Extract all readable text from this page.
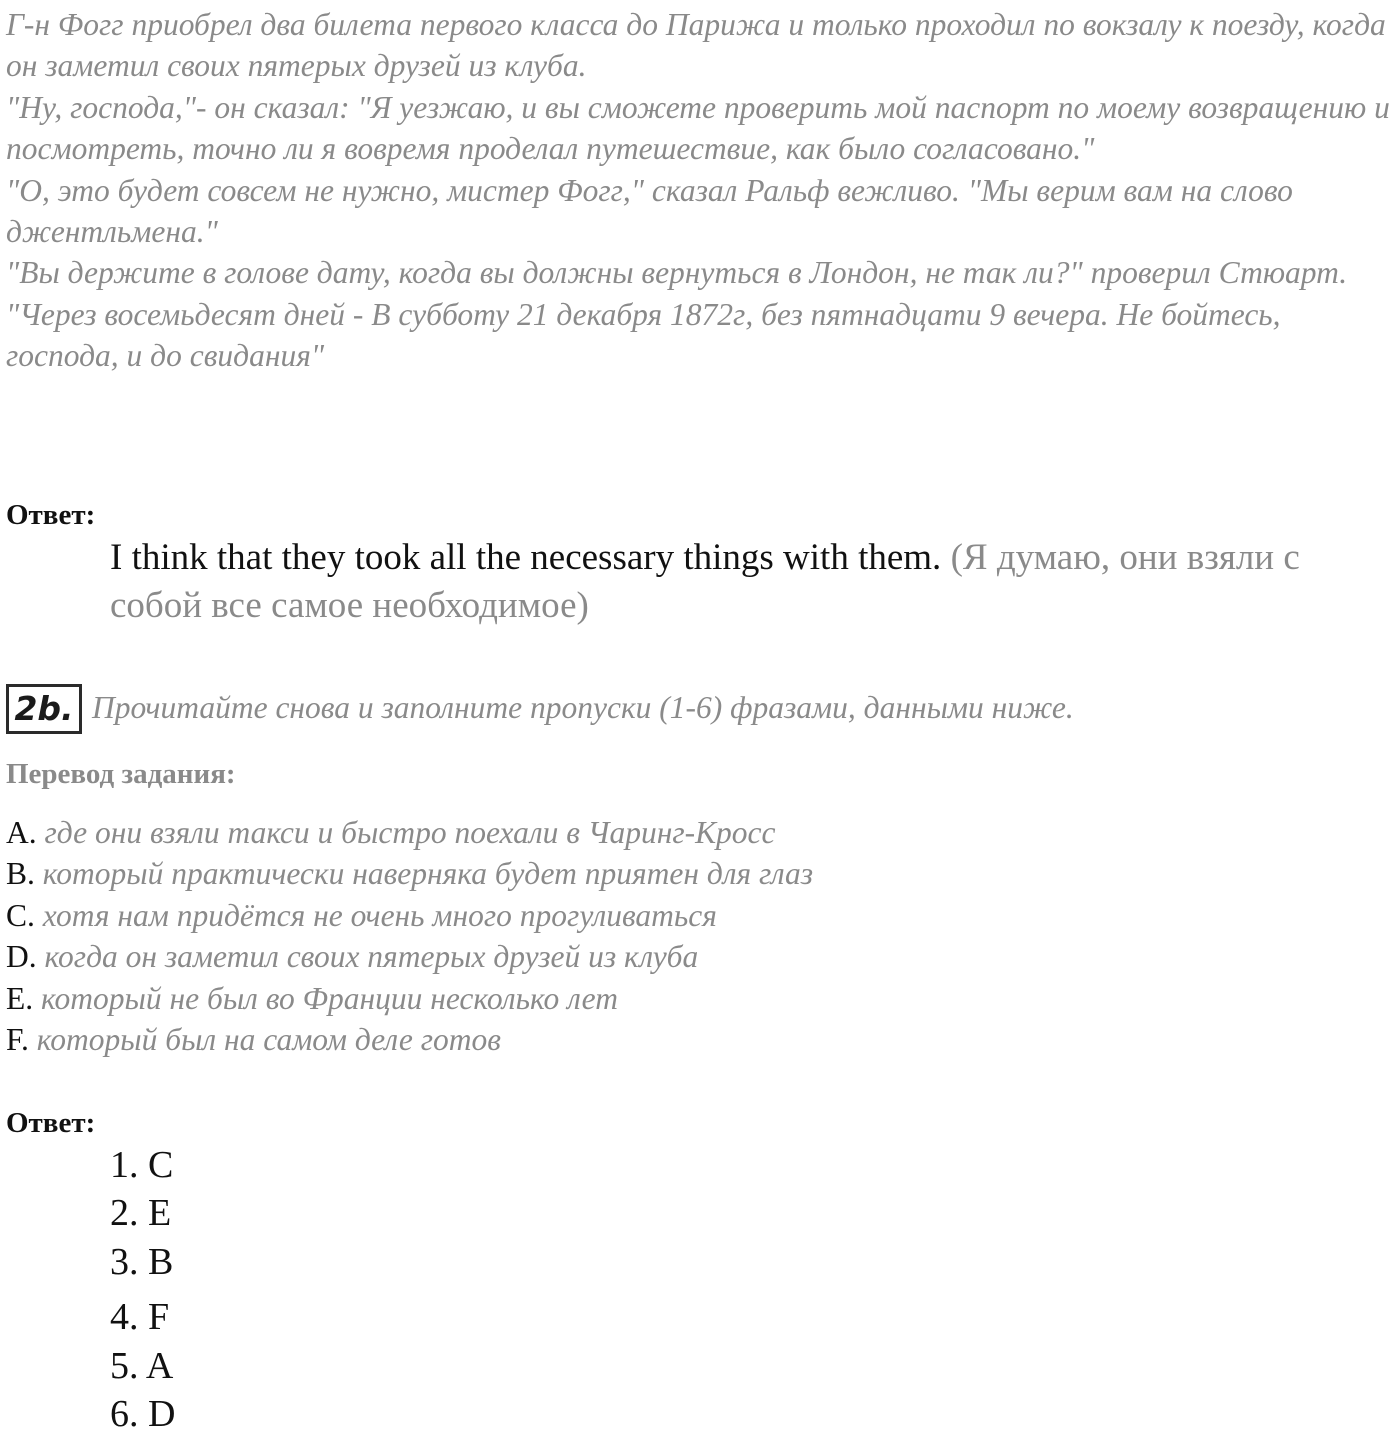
Г-н Фогг приобрел два билета первого класса до Парижа и только проходил по вокзалу к поезду, когда он заметил своих пятерых друзей из клуба.

"Ну, господа,"- он сказал: "Я уезжаю, и вы сможете проверить мой паспорт по моему возвращению и посмотреть, точно ли я вовремя проделал путешествие, как было согласовано."

"О, это будет совсем не нужно, мистер Фогг," сказал Ральф вежливо. "Мы верим вам на слово джентльмена."

"Вы держите в голове дату, когда вы должны вернуться в Лондон, не так ли?" проверил Стюарт.

"Через восемьдесят дней - В субботу 21 декабря 1872г, без пятнадцати 9 вечера. Не бойтесь, господа, и до свидания"

Ответ:
I think that they took all the necessary things with them. (Я думаю, они взяли с собой все самое необходимое)
2b. Прочитайте снова и заполните пропуски (1-6) фразами, данными ниже.
Перевод задания:
A. где они взяли такси и быстро поехали в Чаринг-Кросс
B. который практически наверняка будет приятен для глаз
C. хотя нам придётся не очень много прогуливаться
D. когда он заметил своих пятерых друзей из клуба
E. который не был во Франции несколько лет
F. который был на самом деле готов
Ответ:
1. C
2. E
3. B
4. F
5. A
6. D
